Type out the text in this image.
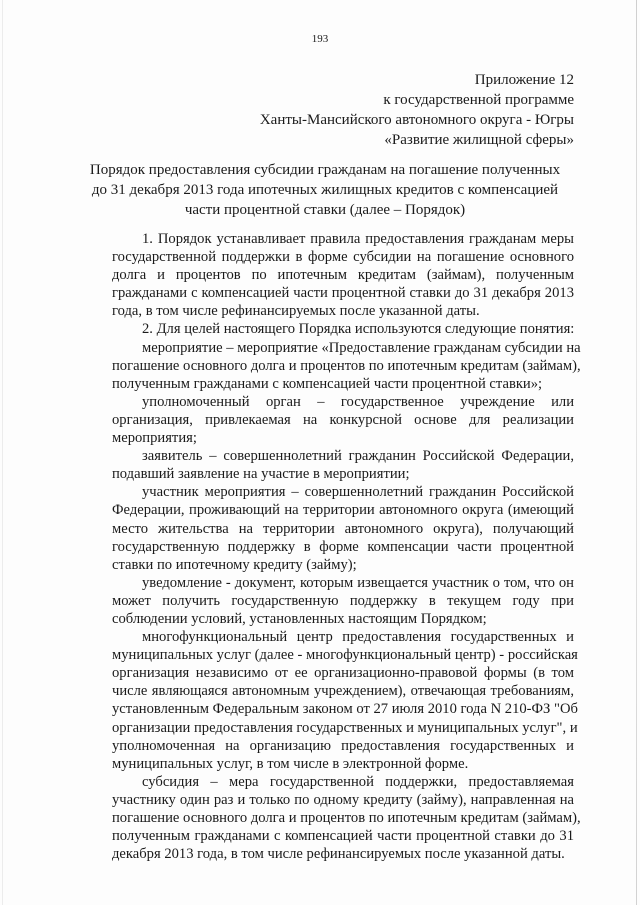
193
Приложение 12
к государственной программе
Ханты-Мансийского автономного округа - Югры
«Развитие жилищной сферы»
Порядок предоставления субсидии гражданам на погашение полученных
до 31 декабря 2013 года ипотечных жилищных кредитов с компенсацией
части процентной ставки (далее – Порядок)
1. Порядок устанавливает правила предоставления гражданам меры
государственной поддержки в форме субсидии на погашение основного
долга и процентов по ипотечным кредитам (займам), полученным
гражданами с компенсацией части процентной ставки до 31 декабря 2013
года, в том числе рефинансируемых после указанной даты.
2. Для целей настоящего Порядка используются следующие понятия:
мероприятие – мероприятие «Предоставление гражданам субсидии на
погашение основного долга и процентов по ипотечным кредитам (займам),
полученным гражданами с компенсацией части процентной ставки»;
уполномоченный орган – государственное учреждение или
организация, привлекаемая на конкурсной основе для реализации
мероприятия;
заявитель – совершеннолетний гражданин Российской Федерации,
подавший заявление на участие в мероприятии;
участник мероприятия – совершеннолетний гражданин Российской
Федерации, проживающий на территории автономного округа (имеющий
место жительства на территории автономного округа), получающий
государственную поддержку в форме компенсации части процентной
ставки по ипотечному кредиту (займу);
уведомление - документ, которым извещается участник о том, что он
может получить государственную поддержку в текущем году при
соблюдении условий, установленных настоящим Порядком;
многофункциональный центр предоставления государственных и
муниципальных услуг (далее - многофункциональный центр) - российская
организация независимо от ее организационно-правовой формы (в том
числе являющаяся автономным учреждением), отвечающая требованиям,
установленным Федеральным законом от 27 июля 2010 года N 210-ФЗ "Об
организации предоставления государственных и муниципальных услуг", и
уполномоченная на организацию предоставления государственных и
муниципальных услуг, в том числе в электронной форме.
субсидия – мера государственной поддержки, предоставляемая
участнику один раз и только по одному кредиту (займу), направленная на
погашение основного долга и процентов по ипотечным кредитам (займам),
полученным гражданами с компенсацией части процентной ставки до 31
декабря 2013 года, в том числе рефинансируемых после указанной даты.
